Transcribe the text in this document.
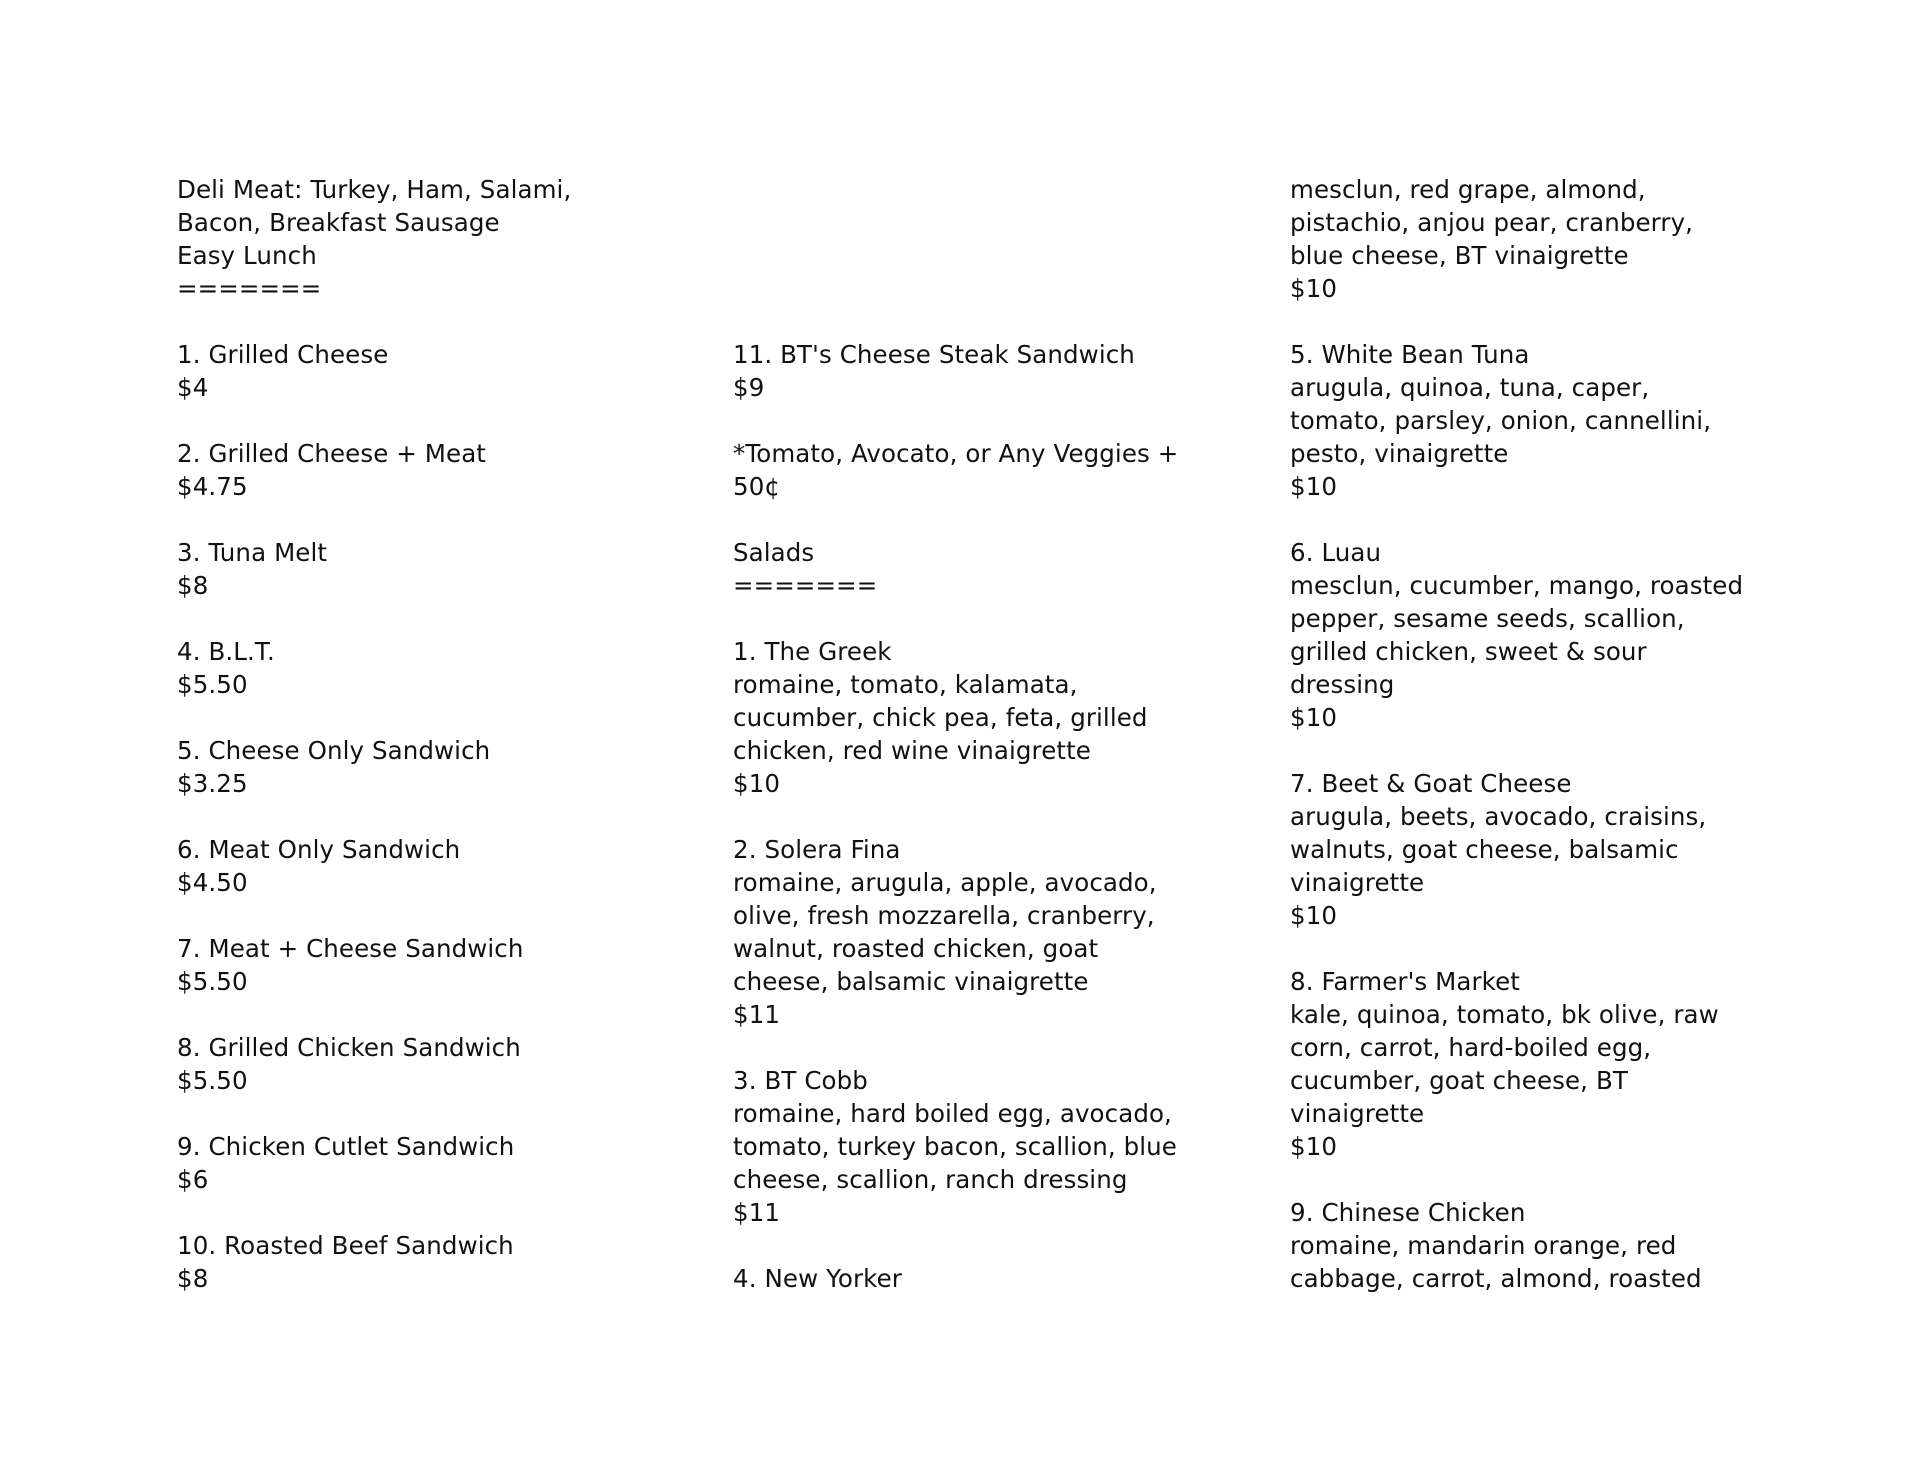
Deli Meat: Turkey, Ham, Salami,
Bacon, Breakfast Sausage
Easy Lunch
=======
1. Grilled Cheese
$4
2. Grilled Cheese + Meat
$4.75
3. Tuna Melt
$8
4. B.L.T.
$5.50
5. Cheese Only Sandwich
$3.25
6. Meat Only Sandwich
$4.50
7. Meat + Cheese Sandwich
$5.50
8. Grilled Chicken Sandwich
$5.50
9. Chicken Cutlet Sandwich
$6
10. Roasted Beef Sandwich
$8
11. BT's Cheese Steak Sandwich
$9
*Tomato, Avocato, or Any Veggies +
50¢
Salads
=======
1. The Greek
romaine, tomato, kalamata,
cucumber, chick pea, feta, grilled
chicken, red wine vinaigrette
$10
2. Solera Fina
romaine, arugula, apple, avocado,
olive, fresh mozzarella, cranberry,
walnut, roasted chicken, goat
cheese, balsamic vinaigrette
$11
3. BT Cobb
romaine, hard boiled egg, avocado,
tomato, turkey bacon, scallion, blue
cheese, scallion, ranch dressing
$11
4. New Yorker
mesclun, red grape, almond,
pistachio, anjou pear, cranberry,
blue cheese, BT vinaigrette
$10
5. White Bean Tuna
arugula, quinoa, tuna, caper,
tomato, parsley, onion, cannellini,
pesto, vinaigrette
$10
6. Luau
mesclun, cucumber, mango, roasted
pepper, sesame seeds, scallion,
grilled chicken, sweet & sour
dressing
$10
7. Beet & Goat Cheese
arugula, beets, avocado, craisins,
walnuts, goat cheese, balsamic
vinaigrette
$10
8. Farmer's Market
kale, quinoa, tomato, bk olive, raw
corn, carrot, hard-boiled egg,
cucumber, goat cheese, BT
vinaigrette
$10
9. Chinese Chicken
romaine, mandarin orange, red
cabbage, carrot, almond, roasted
